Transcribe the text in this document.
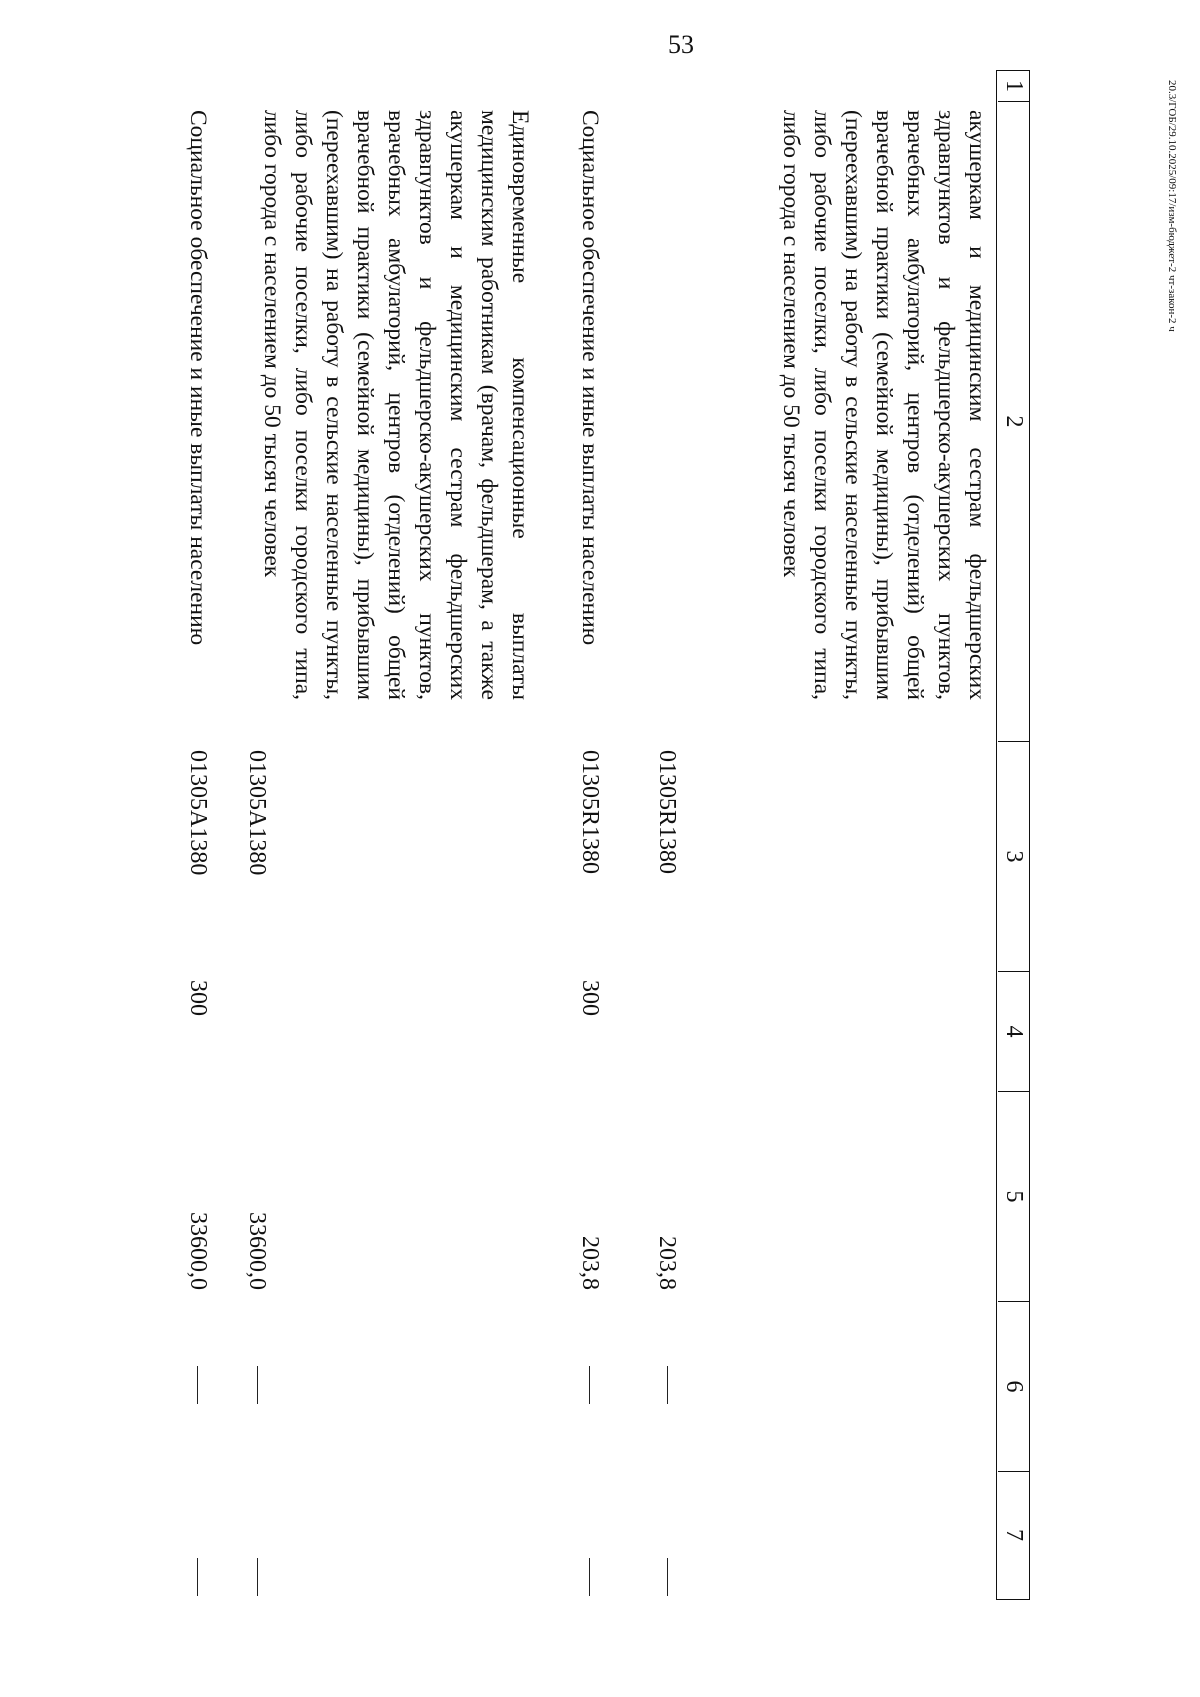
53
20.3/ГОБ/29.10.2025/09:17/изм-бюджет-2 чт-закон-2 ч
1
2
3
4
5
6
7
акушеркам и медицинским сестрам фельдшерских здравпунктов и фельдшерско-акушерских пунктов, врачебных амбулаторий, центров (отделений) общей врачебной практики (семейной медицины), прибывшим (переехавшим) на работу в сельские населенные пункты, либо рабочие поселки, либо поселки городского типа, либо города с населением до 50 тысяч человек
01305R1380
203,8
Социальное обеспечение и иные выплаты населению
01305R1380
300
203,8
Единовременные компенсационные выплаты медицинским работникам (врачам, фельдшерам, а также акушеркам и медицинским сестрам фельдшерских здравпунктов и фельдшерско-акушерских пунктов, врачебных амбулаторий, центров (отделений) общей врачебной практики (семейной медицины), прибывшим (переехавшим) на работу в сельские населенные пункты, либо рабочие поселки, либо поселки городского типа, либо города с населением до 50 тысяч человек
01305A1380
33600,0
Социальное обеспечение и иные выплаты населению
01305A1380
300
33600,0
